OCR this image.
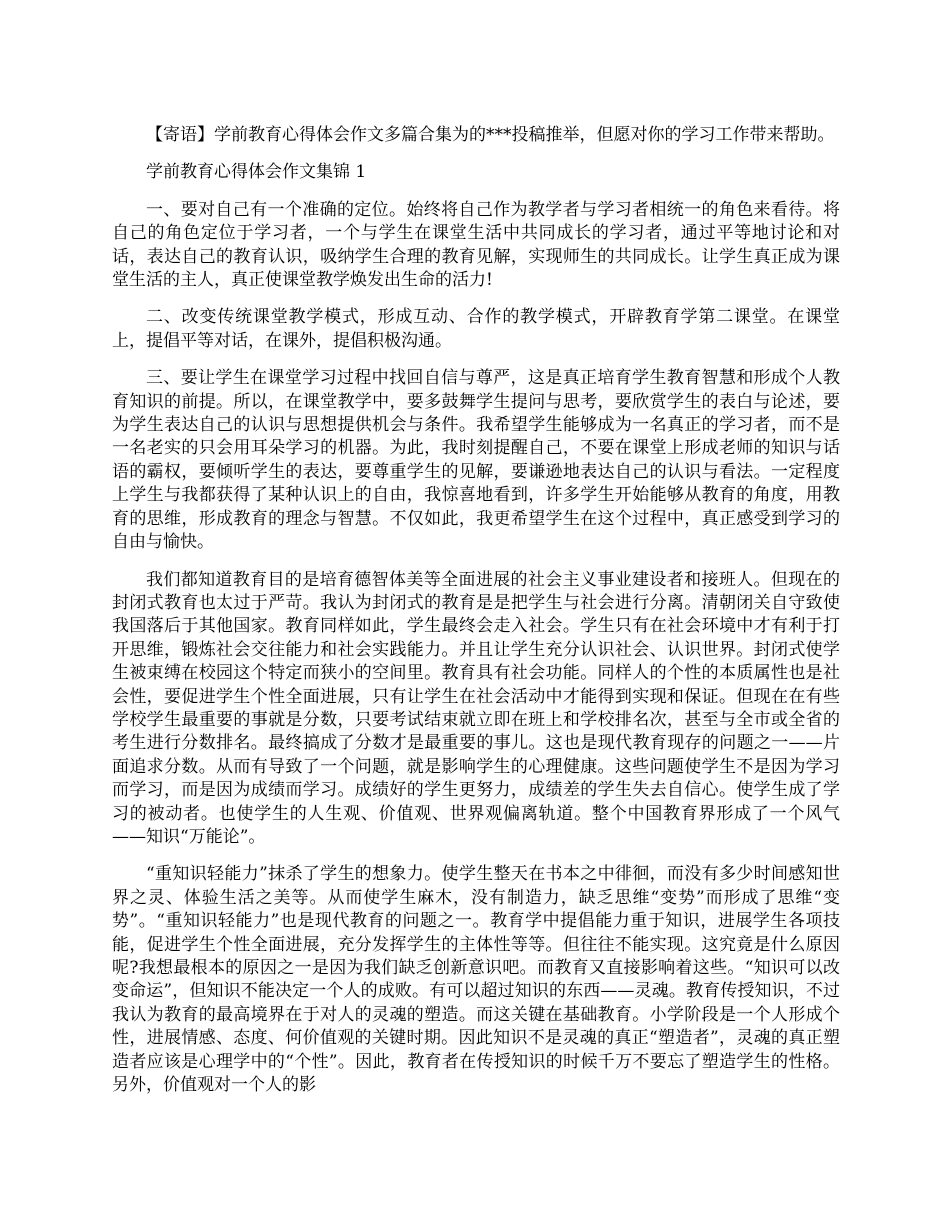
【寄语】学前教育心得体会作文多篇合集为的***投稿推举，但愿对你的学习工作带来帮助。

学前教育心得体会作文集锦 1

一、要对自己有一个准确的定位。始终将自己作为教学者与学习者相统一的角色来看待。将自己的角色定位于学习者，一个与学生在课堂生活中共同成长的学习者，通过平等地讨论和对话，表达自己的教育认识，吸纳学生合理的教育见解，实现师生的共同成长。让学生真正成为课堂生活的主人，真正使课堂教学焕发出生命的活力!

二、改变传统课堂教学模式，形成互动、合作的教学模式，开辟教育学第二课堂。在课堂上，提倡平等对话，在课外，提倡积极沟通。

三、要让学生在课堂学习过程中找回自信与尊严，这是真正培育学生教育智慧和形成个人教育知识的前提。所以，在课堂教学中，要多鼓舞学生提问与思考，要欣赏学生的表白与论述，要为学生表达自己的认识与思想提供机会与条件。我希望学生能够成为一名真正的学习者，而不是一名老实的只会用耳朵学习的机器。为此，我时刻提醒自己，不要在课堂上形成老师的知识与话语的霸权，要倾听学生的表达，要尊重学生的见解，要谦逊地表达自己的认识与看法。一定程度上学生与我都获得了某种认识上的自由，我惊喜地看到，许多学生开始能够从教育的角度，用教育的思维，形成教育的理念与智慧。不仅如此，我更希望学生在这个过程中，真正感受到学习的自由与愉快。

我们都知道教育目的是培育德智体美等全面进展的社会主义事业建设者和接班人。但现在的封闭式教育也太过于严苛。我认为封闭式的教育是是把学生与社会进行分离。清朝闭关自守致使我国落后于其他国家。教育同样如此，学生最终会走入社会。学生只有在社会环境中才有利于打开思维，锻炼社会交往能力和社会实践能力。并且让学生充分认识社会、认识世界。封闭式使学生被束缚在校园这个特定而狭小的空间里。教育具有社会功能。同样人的个性的本质属性也是社会性，要促进学生个性全面进展，只有让学生在社会活动中才能得到实现和保证。但现在在有些学校学生最重要的事就是分数，只要考试结束就立即在班上和学校排名次，甚至与全市或全省的考生进行分数排名。最终搞成了分数才是最重要的事儿。这也是现代教育现存的问题之一——片面追求分数。从而有导致了一个问题，就是影响学生的心理健康。这些问题使学生不是因为学习而学习，而是因为成绩而学习。成绩好的学生更努力，成绩差的学生失去自信心。使学生成了学习的被动者。也使学生的人生观、价值观、世界观偏离轨道。整个中国教育界形成了一个风气——知识“万能论”。

“重知识轻能力”抹杀了学生的想象力。使学生整天在书本之中徘徊，而没有多少时间感知世界之灵、体验生活之美等。从而使学生麻木，没有制造力，缺乏思维“变势”而形成了思维“变势”。“重知识轻能力”也是现代教育的问题之一。教育学中提倡能力重于知识，进展学生各项技能，促进学生个性全面进展，充分发挥学生的主体性等等。但往往不能实现。这究竟是什么原因呢?我想最根本的原因之一是因为我们缺乏创新意识吧。而教育又直接影响着这些。“知识可以改变命运”，但知识不能决定一个人的成败。有可以超过知识的东西——灵魂。教育传授知识，不过我认为教育的最高境界在于对人的灵魂的塑造。而这关键在基础教育。小学阶段是一个人形成个性，进展情感、态度、何价值观的关键时期。因此知识不是灵魂的真正“塑造者”，灵魂的真正塑造者应该是心理学中的“个性”。因此，教育者在传授知识的时候千万不要忘了塑造学生的性格。另外，价值观对一个人的影
